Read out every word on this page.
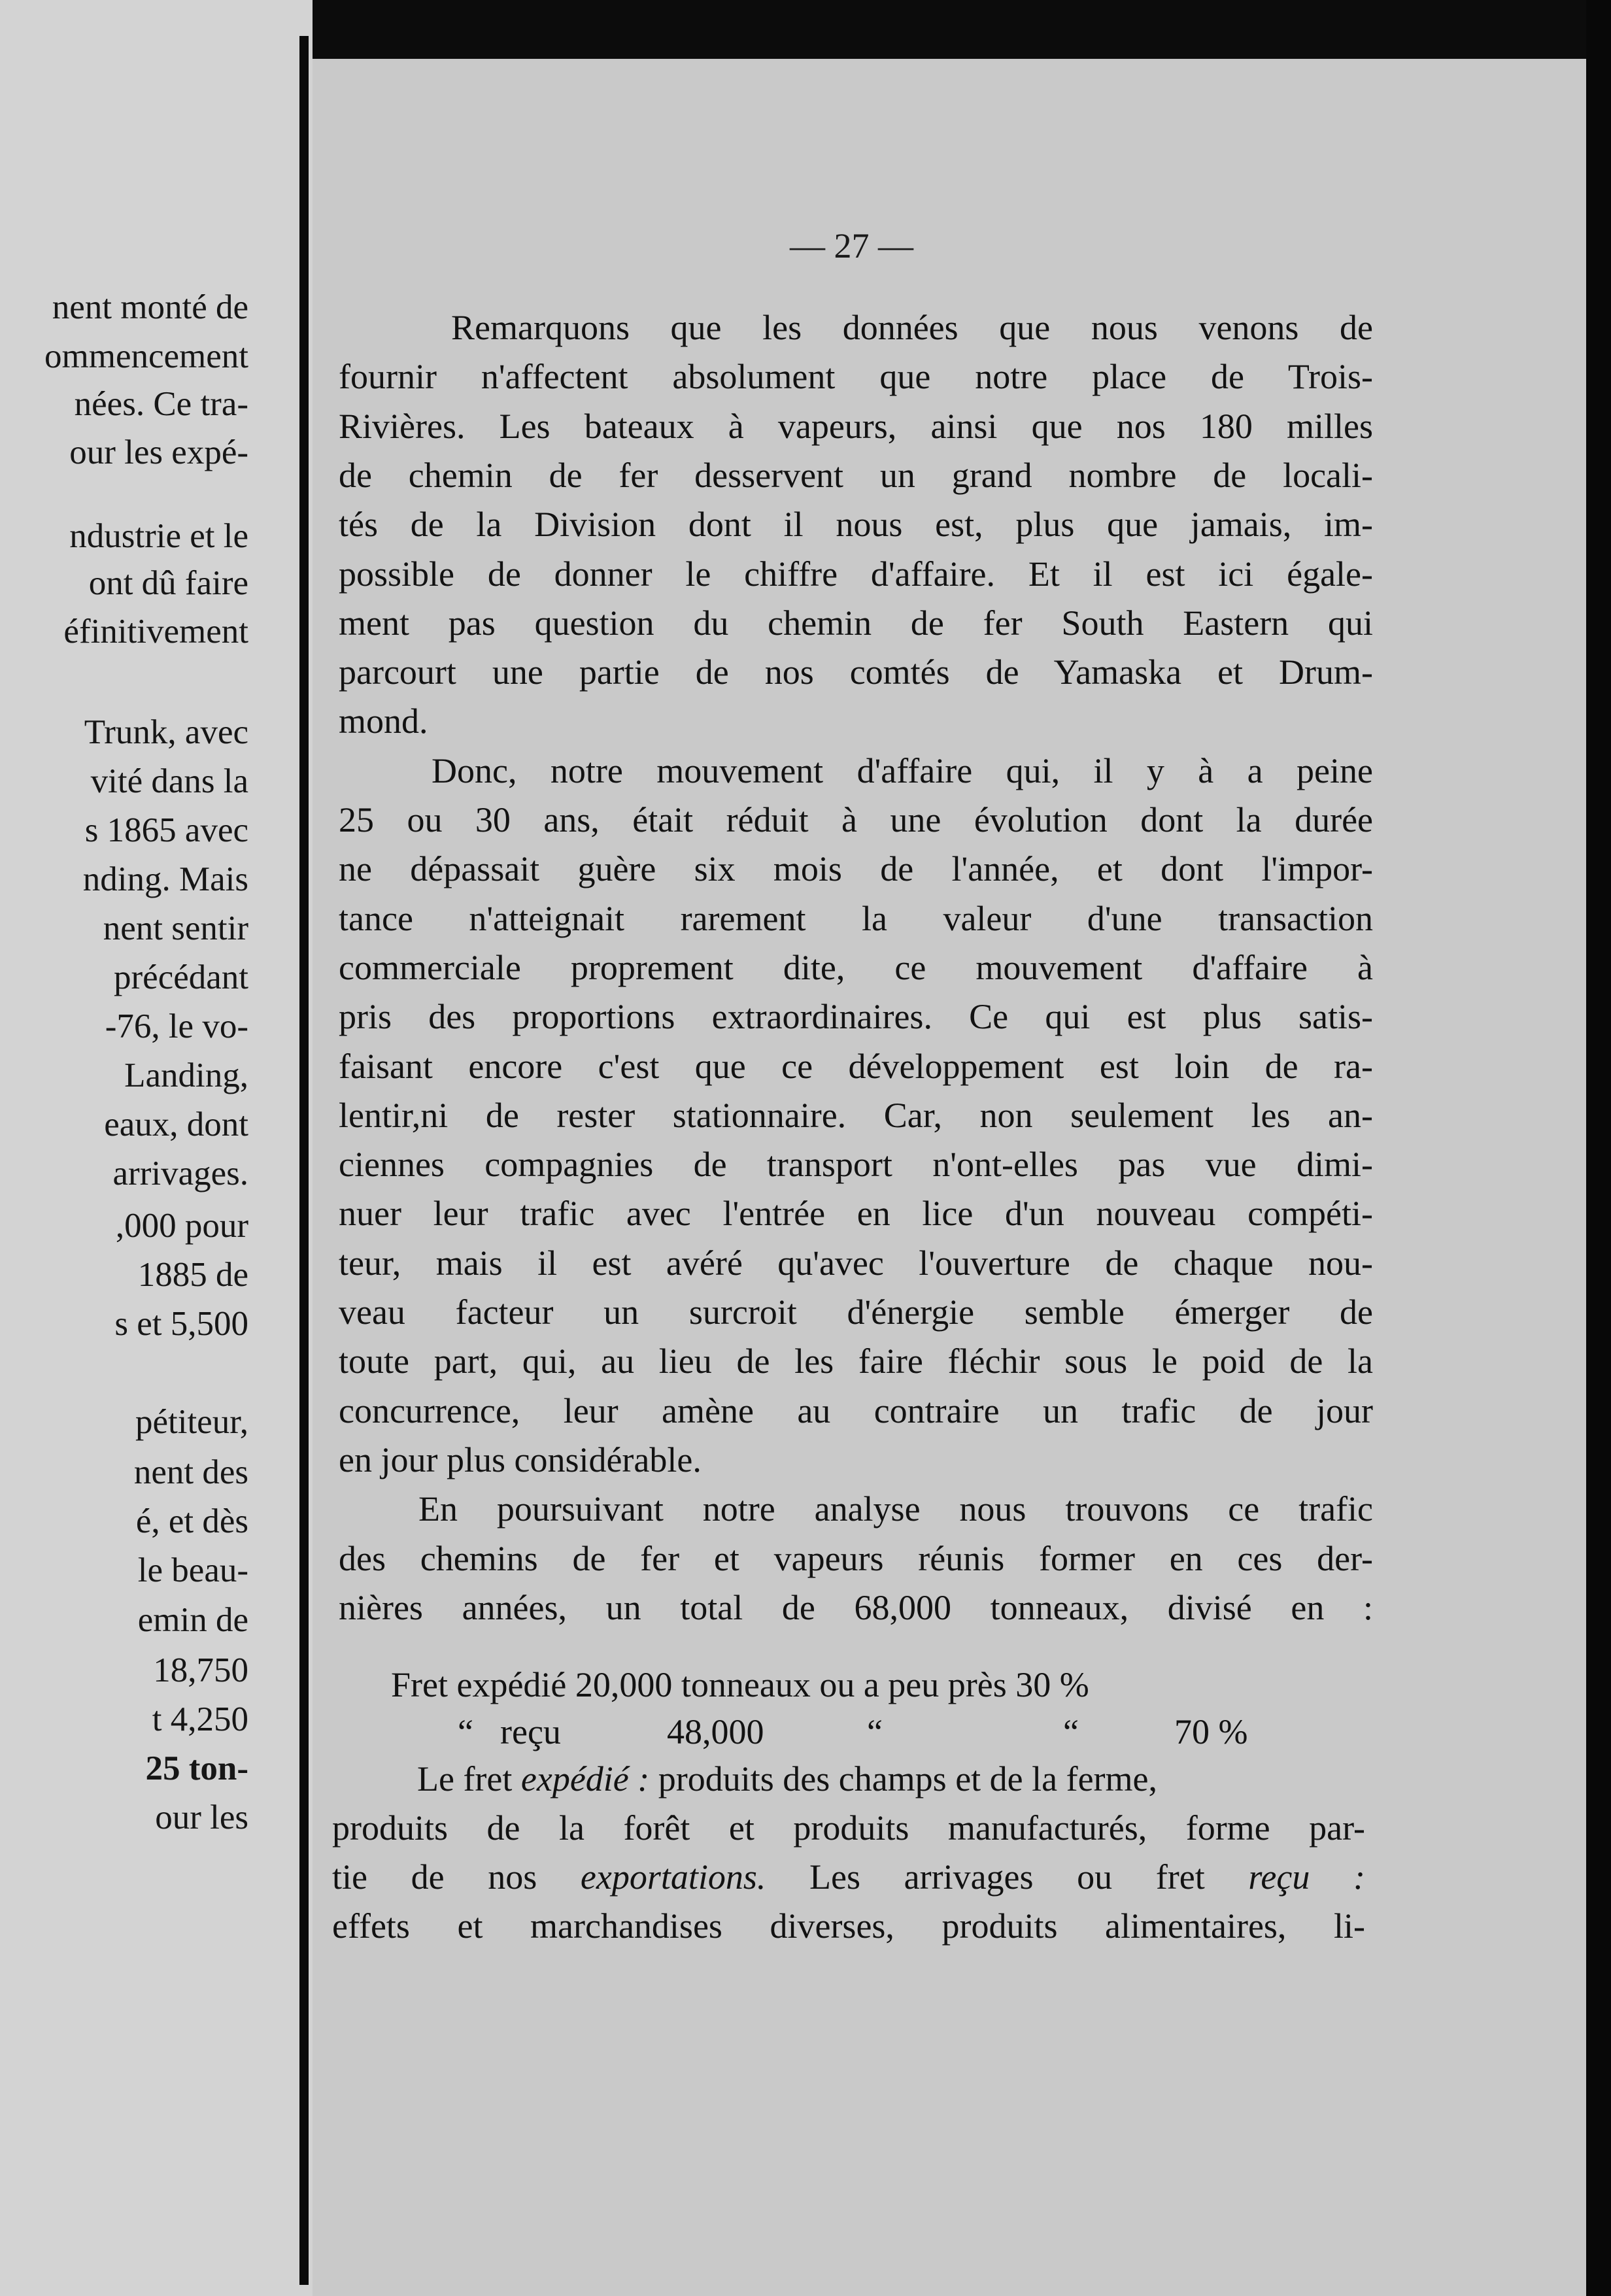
nent monté de
ommencement
nées. Ce tra-
our les expé-
ndustrie et le
ont dû faire
éfinitivement
Trunk, avec
vité dans la
s 1865 avec
nding. Mais
nent sentir
précédant
-76, le vo-
Landing,
eaux, dont
arrivages.
,000 pour
1885 de
s et 5,500
pétiteur,
nent des
é, et dès
le beau-
emin de
18,750
t 4,250
25 ton-
our les
— 27 —
Remarquons que les données que nous venons de
fournir n'affectent absolument que notre place de Trois-
Rivières. Les bateaux à vapeurs, ainsi que nos 180 milles
de chemin de fer desservent un grand nombre de locali-
tés de la Division dont il nous est, plus que jamais, im-
possible de donner le chiffre d'affaire. Et il est ici égale-
ment pas question du chemin de fer South Eastern qui
parcourt une partie de nos comtés de Yamaska et Drum-
mond.
Donc, notre mouvement d'affaire qui, il y à a peine
25 ou 30 ans, était réduit à une évolution dont la durée
ne dépassait guère six mois de l'année, et dont l'impor-
tance n'atteignait rarement la valeur d'une transaction
commerciale proprement dite, ce mouvement d'affaire à
pris des proportions extraordinaires. Ce qui est plus satis-
faisant encore c'est que ce développement est loin de ra-
lentir,ni de rester stationnaire. Car, non seulement les an-
ciennes compagnies de transport n'ont-elles pas vue dimi-
nuer leur trafic avec l'entrée en lice d'un nouveau compéti-
teur, mais il est avéré qu'avec l'ouverture de chaque nou-
veau facteur un surcroit d'énergie semble émerger de
toute part, qui, au lieu de les faire fléchir sous le poid de la
concurrence, leur amène au contraire un trafic de jour
en jour plus considérable.
En poursuivant notre analyse nous trouvons ce trafic
des chemins de fer et vapeurs réunis former en ces der-
nières années, un total de 68,000 tonneaux, divisé en :
Fret expédié 20,000 tonneaux ou a peu près 30 %
“ reçu	48,000	“	“	70 %
Le fret expédié : produits des champs et de la ferme,
produits de la forêt et produits manufacturés, forme par-
tie de nos exportations. Les arrivages ou fret reçu :
effets et marchandises diverses, produits alimentaires, li-
